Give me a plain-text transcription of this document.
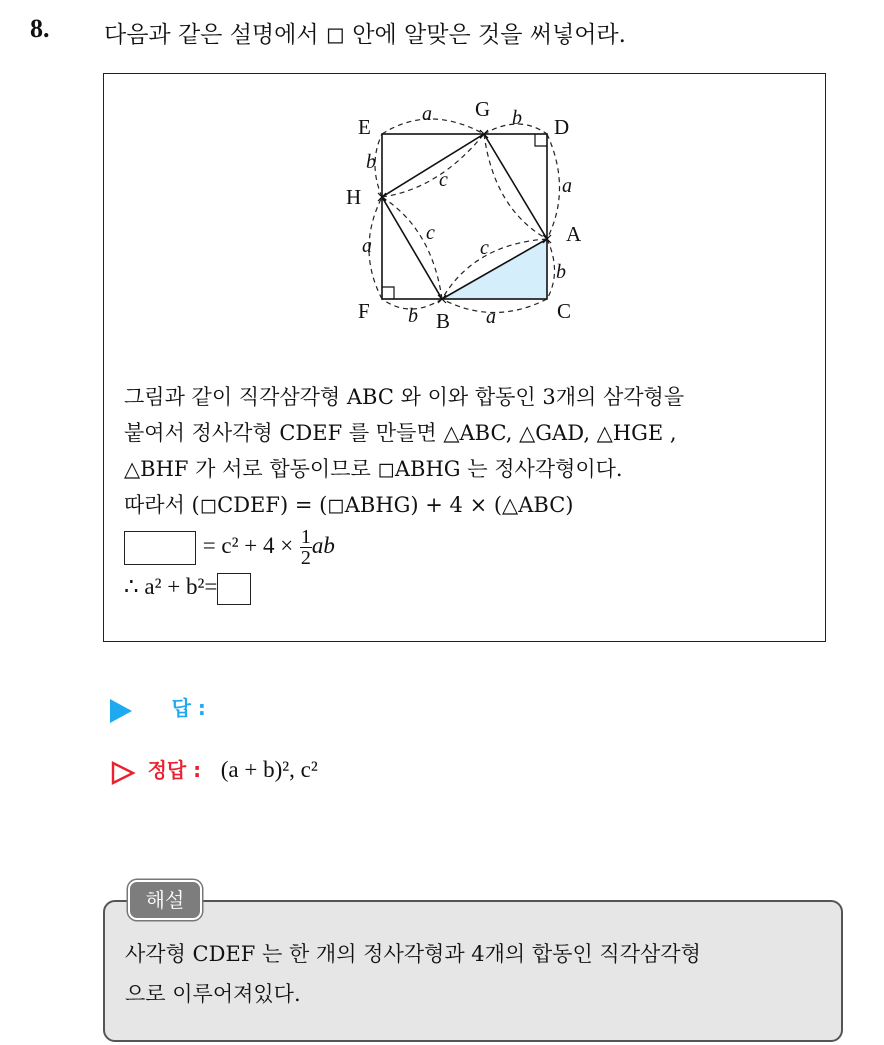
8. 다음과 같은 설명에서 ◻ 안에 알맞은 것을 써넣어라.
E
G
D
H
A
F	B	C
a	b
b
a
a
b
b	a
c
c
c
그림과 같이 직각삼각형 ABC 와 이와 합동인 3개의 삼각형을
붙여서 정사각형 CDEF 를 만들면 △ABC, △GAD, △HGE ,
△BHF 가 서로 합동이므로 ◻ABHG 는 정사각형이다.
따라서 (◻CDEF) = (◻ABHG) + 4 × (△ABC)
= $c^2 + 4 \times \frac{1}{2}$ ab
∴ a² + b²=
답 :
정답 : (a + b)², c²
사각형 CDEF 는 한 개의 정사각형과 4개의 합동인 직각삼각형
으로 이루어져있다.
해설
